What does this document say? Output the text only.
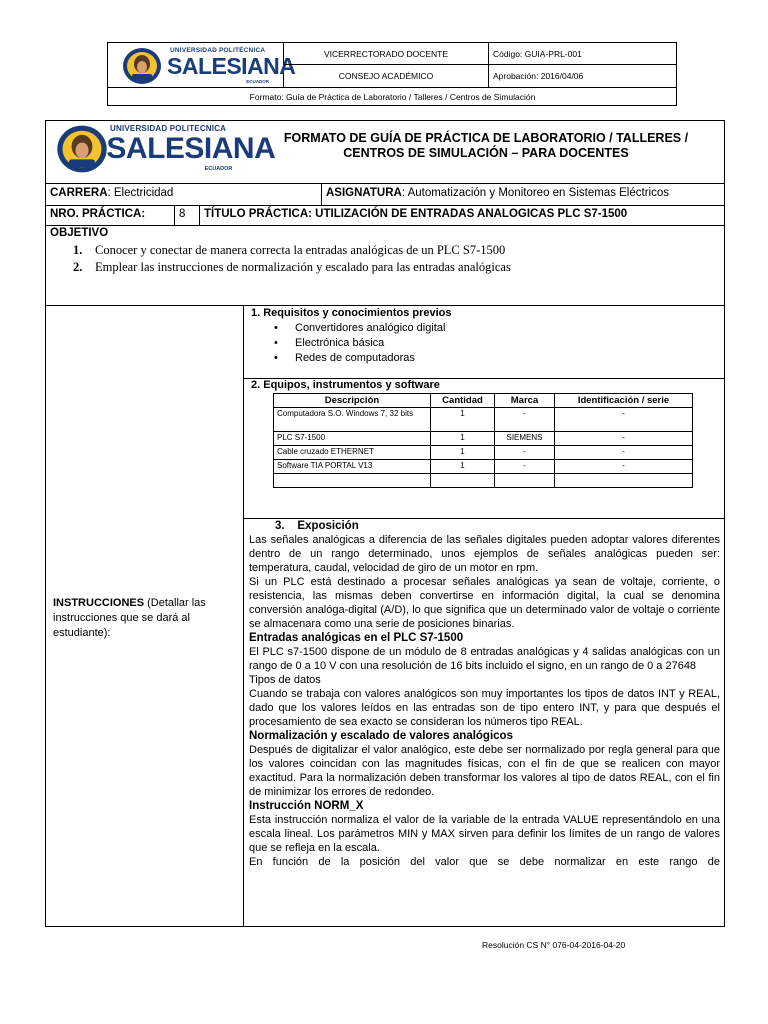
UNIVERSIDAD POLITÉCNICA
SALESIANA
ECUADOR
VICERRECTORADO DOCENTE	Código: GUIA-PRL-001
CONSEJO ACADÉMICO	Aprobación: 2016/04/06
Formato: Guía de Práctica de Laboratorio / Talleres / Centros de Simulación
UNIVERSIDAD POLITECNICA
SALESIANA
ECUADOR
FORMATO DE GUÍA DE PRÁCTICA DE LABORATORIO / TALLERES /
CENTROS DE SIMULACIÓN – PARA DOCENTES
CARRERA: Electricidad	ASIGNATURA: Automatización y Monitoreo en Sistemas Eléctricos
NRO. PRÁCTICA:	8 TÍTULO PRÁCTICA: UTILIZACIÓN DE ENTRADAS ANALOGICAS PLC S7-1500
OBJETIVO
1. Conocer y conectar de manera correcta la entradas analógicas de un PLC S7-1500
2. Emplear las instrucciones de normalización y escalado para las entradas analógicas
INSTRUCCIONES (Detallar las instrucciones que se dará al estudiante):
1. Requisitos y conocimientos previos
• Convertidores analógico digital
• Electrónica básica
• Redes de computadoras
2. Equipos, instrumentos y software
Descripción	Cantidad	Marca	Identificación / serie
Computadora S.O. Windows 7, 32 bits	1	-	-
PLC S7-1500	1	SIEMENS	-
Cable cruzado ETHERNET	1	-	-
Software TIA PORTAL V13	1	-	-

3. Exposición

Las señales analógicas a diferencia de las señales digitales pueden adoptar valores diferentes dentro de un rango determinado, unos ejemplos de señales analógicas pueden ser: temperatura, caudal, velocidad de giro de un motor en rpm.

Si un PLC está destinado a procesar señales analógicas ya sean de voltaje, corriente, o resistencia, las mismas deben convertirse en información digital, la cual se denomina conversión analóga-digital (A/D), lo que significa que un determinado valor de voltaje o corriente se almacenara como una serie de posiciones binarias.

Entradas analógicas en el PLC S7-1500

El PLC s7-1500 dispone de un módulo de 8 entradas analógicas y 4 salidas analógicas con un rango de 0 a 10 V con una resolución de 16 bits incluido el signo, en un rango de 0 a 27648

Tipos de datos

Cuando se trabaja con valores analógicos son muy importantes los tipos de datos INT y REAL, dado que los valores leídos en las entradas son de tipo entero INT, y para que después el procesamiento de sea exacto se consideran los números tipo REAL.

Normalización y escalado de valores analógicos

Después de digitalizar el valor analógico, este debe ser normalizado por regla general para que los valores coincidan con las magnitudes físicas, con el fin de que se realicen con mayor exactitud. Para la normalización deben transformar los valores al tipo de datos REAL, con el fin de minimizar los errores de redondeo.

Instrucción NORM_X

Esta instrucción normaliza el valor de la variable de la entrada VALUE representándolo en una escala lineal. Los parámetros MIN y MAX sirven para definir los límites de un rango de valores que se refleja en la escala.

En función de la posición del valor que se debe normalizar en este rango de

Resolución CS N° 076-04-2016-04-20
